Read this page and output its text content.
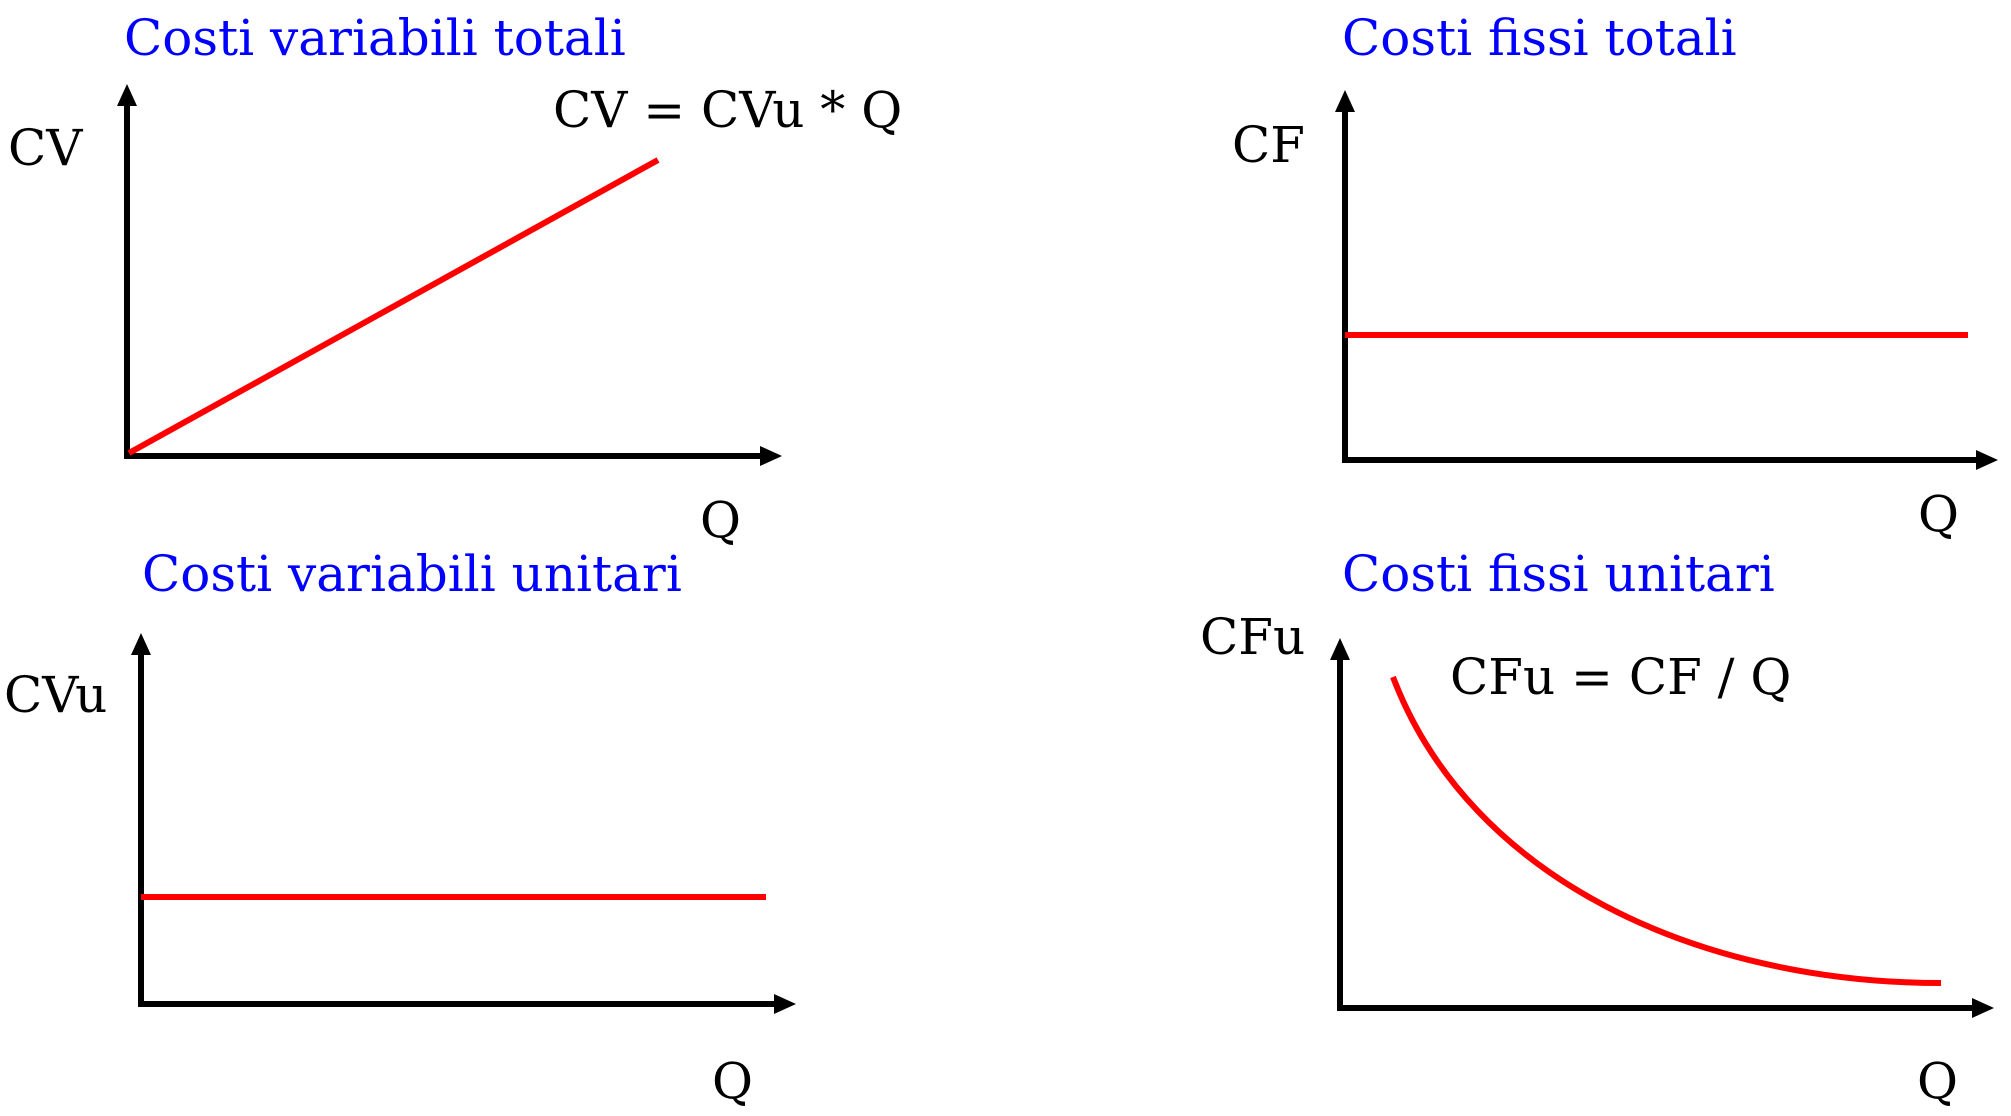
Costi variabili totali
CV
Q
CV = CVu * Q
Costi fissi totali
CF
Q
Costi variabili unitari
CVu
Q
Costi fissi unitari
CFu
Q
CFu = CF / Q
